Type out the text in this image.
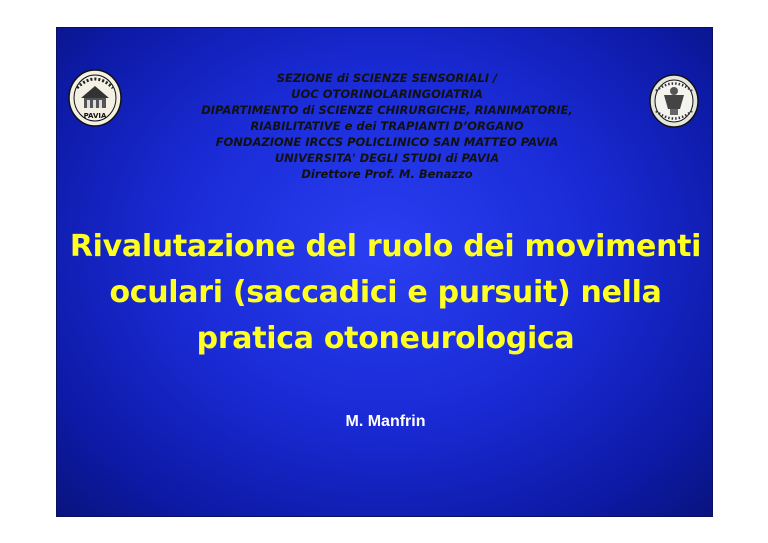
PAVIA
SEZIONE di SCIENZE SENSORIALI /
UOC OTORINOLARINGOIATRIA
DIPARTIMENTO di SCIENZE CHIRURGICHE, RIANIMATORIE,
RIABILITATIVE e dei TRAPIANTI D’ORGANO
FONDAZIONE IRCCS POLICLINICO SAN MATTEO PAVIA
UNIVERSITA' DEGLI STUDI di PAVIA
Direttore Prof. M. Benazzo
Rivalutazione del ruolo dei movimenti
oculari (saccadici e pursuit) nella
pratica otoneurologica
M. Manfrin
